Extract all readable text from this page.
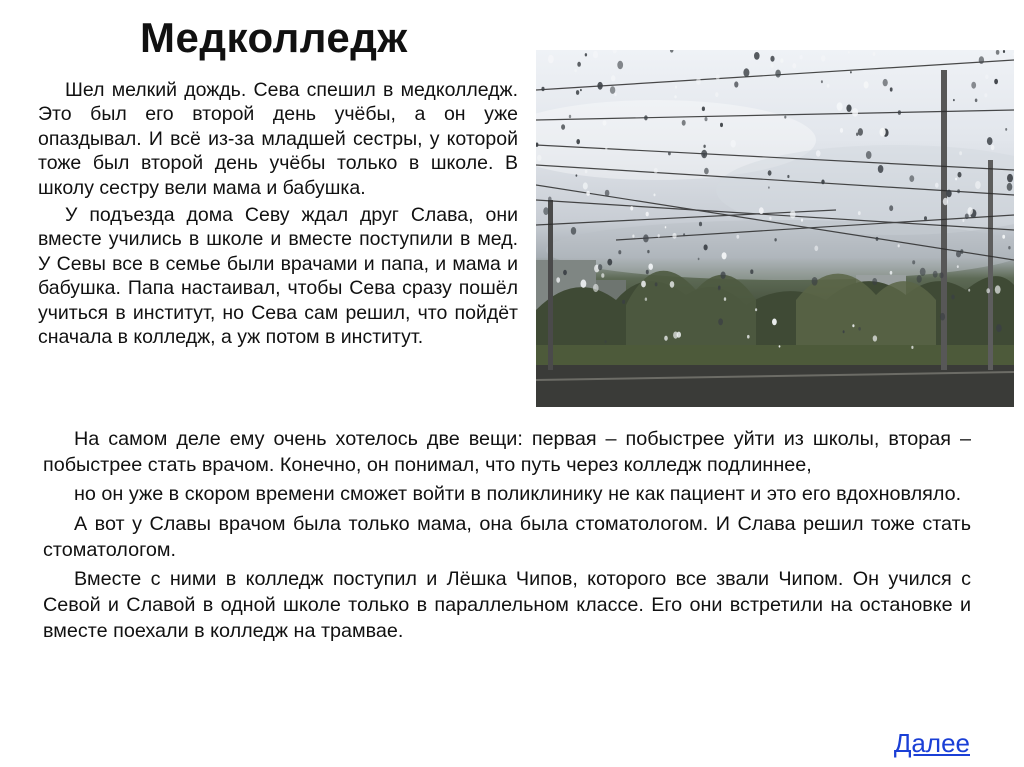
Медколледж

Шел мелкий дождь. Сева спешил в медколледж. Это был его второй день учёбы, а он уже опаздывал. И всё из-за младшей сестры, у которой тоже был второй день учёбы только в школе. В школу сестру вели мама и бабушка.

У подъезда дома Севу ждал друг Слава, они вместе учились в школе и вместе поступили в мед. У Севы все в семье были врачами и папа, и мама и бабушка. Папа настаивал, чтобы Сева сразу пошёл учиться в институт, но Сева сам решил, что пойдёт сначала в колледж, а уж потом в институт.

На самом деле ему очень хотелось две вещи: первая – побыстрее уйти из школы, вторая – побыстрее стать врачом. Конечно, он понимал, что путь через колледж подлиннее,

но он уже в скором времени сможет войти в поликлинику не как пациент и это его вдохновляло.

А вот у Славы врачом была только мама, она была стоматологом. И Слава решил тоже стать стоматологом.

Вместе с ними в колледж поступил и Лёшка Чипов, которого все звали Чипом. Он учился с Севой и Славой в одной школе только в параллельном классе. Его они встретили на остановке и вместе поехали в колледж на трамвае.

Далее
